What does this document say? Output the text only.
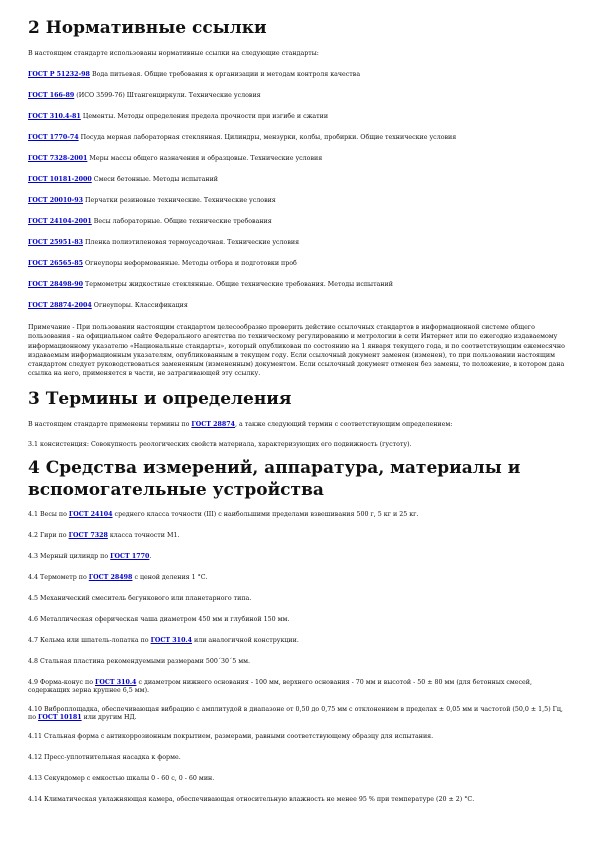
2 Нормативные ссылки

В настоящем стандарте использованы нормативные ссылки на следующие стандарты:

ГОСТ Р 51232-98 Вода питьевая. Общие требования к организации и методам контроля качества

ГОСТ 166-89 (ИСО 3599-76) Штангенциркули. Технические условия

ГОСТ 310.4-81 Цементы. Методы определения предела прочности при изгибе и сжатии

ГОСТ 1770-74 Посуда мерная лабораторная стеклянная. Цилиндры, мензурки, колбы, пробирки. Общие технические условия

ГОСТ 7328-2001 Меры массы общего назначения и образцовые. Технические условия

ГОСТ 10181-2000 Смеси бетонные. Методы испытаний

ГОСТ 20010-93 Перчатки резиновые технические. Технические условия

ГОСТ 24104-2001 Весы лабораторные. Общие технические требования

ГОСТ 25951-83 Пленка полиэтиленовая термоусадочная. Технические условия

ГОСТ 26565-85 Огнеупоры неформованные. Методы отбора и подготовки проб

ГОСТ 28498-90 Термометры жидкостные стеклянные. Общие технические требования. Методы испытаний

ГОСТ 28874-2004 Огнеупоры. Классификация

Примечание - При пользовании настоящим стандартом целесообразно проверить действие ссылочных стандартов в информационной системе общего пользования - на официальном сайте Федерального агентства по техническому регулированию и метрологии в сети Интернет или по ежегодно издаваемому информационному указателю «Национальные стандарты», который опубликован по состоянию на 1 января текущего года, и по соответствующим ежемесячно издаваемым информационным указателям, опубликованным в текущем году. Если ссылочный документ заменен (изменен), то при пользовании настоящим стандартом следует руководствоваться замененным (измененным) документом. Если ссылочный документ отменен без замены, то положение, в котором дана ссылка на него, применяется в части, не затрагивающей эту ссылку.

3 Термины и определения

В настоящем стандарте применены термины по ГОСТ 28874, а также следующий термин с соответствующим определением:

3.1 консистенция: Совокупность реологических свойств материала, характеризующих его подвижность (густоту).

4 Средства измерений, аппаратура, материалы и
вспомогательные устройства

4.1 Весы по ГОСТ 24104 среднего класса точности (III) с наибольшими пределами взвешивания 500 г, 5 кг и 25 кг.

4.2 Гири по ГОСТ 7328 класса точности М1.

4.3 Мерный цилиндр по ГОСТ 1770.

4.4 Термометр по ГОСТ 28498 с ценой деления 1 °С.

4.5 Механический смеситель бегункового или планетарного типа.

4.6 Металлическая сферическая чаша диаметром 450 мм и глубиной 150 мм.

4.7 Кельма или шпатель-лопатка по ГОСТ 310.4 или аналогичной конструкции.

4.8 Стальная пластина рекомендуемыми размерами 500´30´5 мм.

4.9 Форма-конус по ГОСТ 310.4 с диаметром нижнего основания - 100 мм, верхнего основания - 70 мм и высотой - 50 ± 80 мм (для бетонных смесей, содержащих зерна крупнее 6,5 мм).

4.10 Виброплощадка, обеспечивающая вибрацию с амплитудой в диапазоне от 0,50 до 0,75 мм с отклонением в пределах ± 0,05 мм и частотой (50,0 ± 1,5) Гц, по ГОСТ 10181 или другим НД.

4.11 Стальная форма с антикоррозионным покрытием, размерами, равными соответствующему образцу для испытания.

4.12 Пресс-уплотнительная насадка к форме.

4.13 Секундомер с емкостью шкалы 0 - 60 с, 0 - 60 мин.

4.14 Климатическая увлажняющая камера, обеспечивающая относительную влажность не менее 95 % при температуре (20 ± 2) °С.
